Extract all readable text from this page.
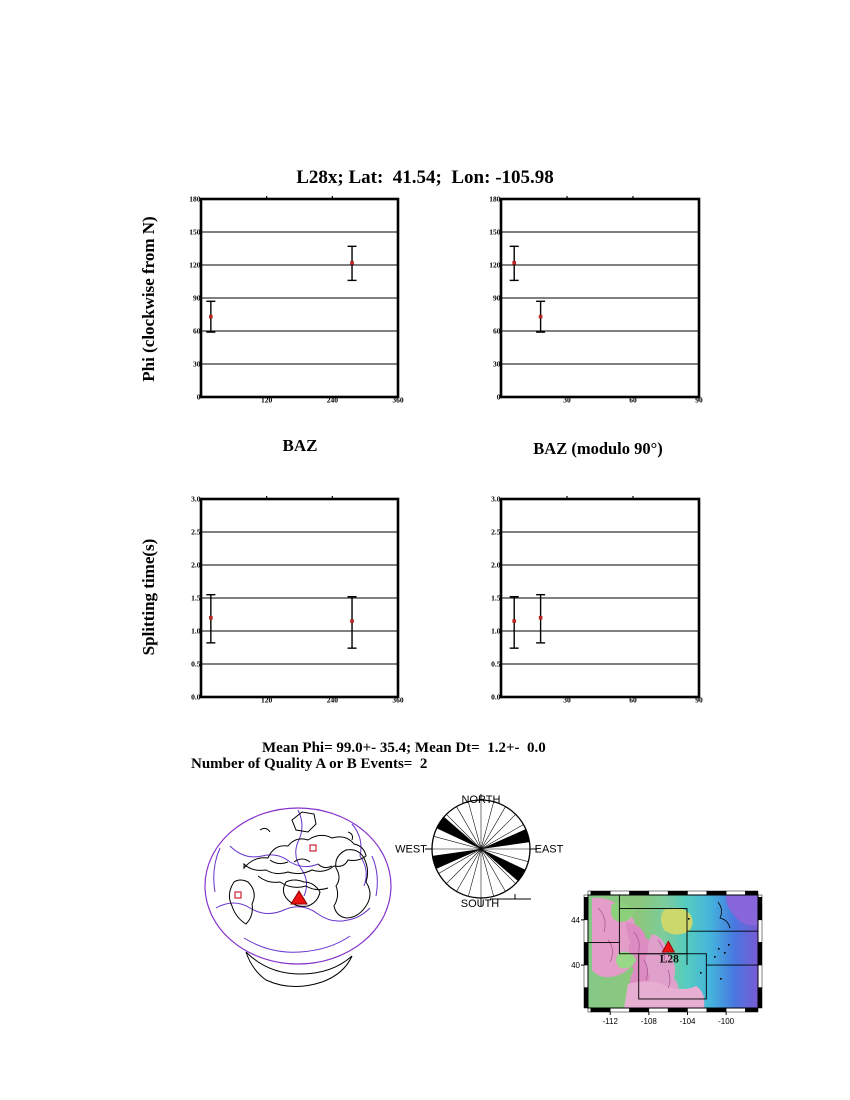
L28x; Lat:  41.54;  Lon: -105.98
Phi (clockwise from N)
Splitting time(s)
0
30
60
90
120
150
180
120	240	360	0
30
60
90
120
150
180
30	60	90
0.0
0.5
1.0
1.5
2.0
2.5
3.0
120	240	360	0.0
0.5
1.0
1.5
2.0
2.5
3.0
30	60	90
BAZ	BAZ (modulo 90°)
Mean Phi= 99.0+- 35.4; Mean Dt=  1.2+-  0.0
Number of Quality A or B Events=  2
NORTH
SOUTH
WEST	EAST
-112	-108	-104	-100
44
40	L28
